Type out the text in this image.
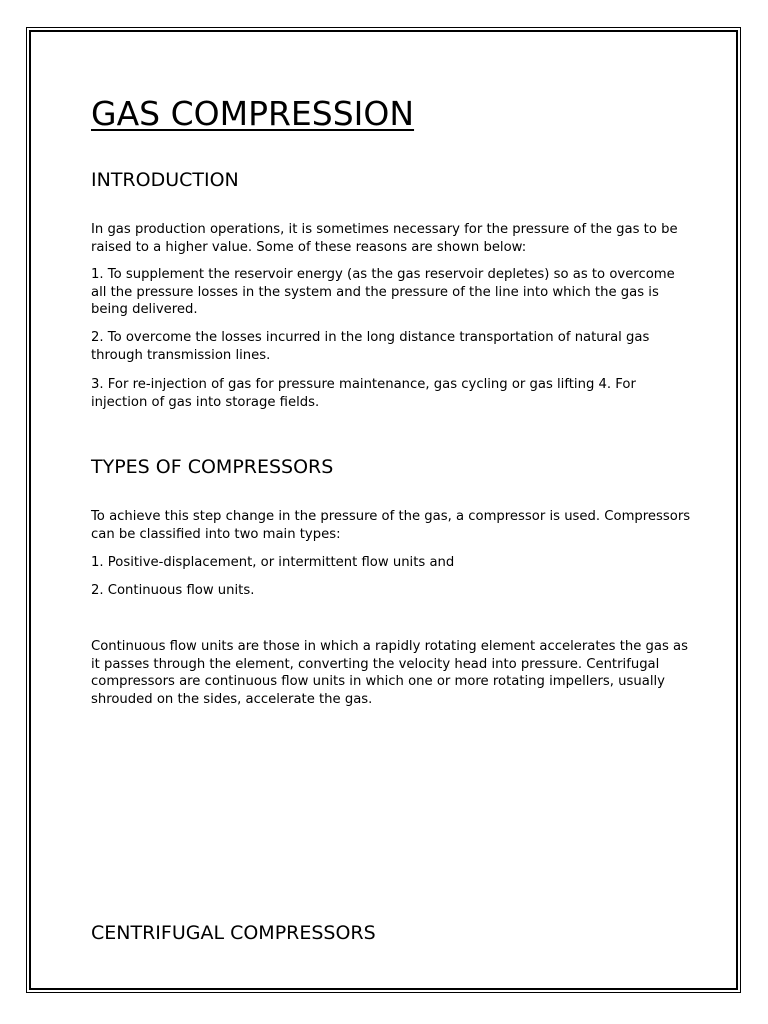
GAS COMPRESSION
INTRODUCTION

In gas production operations, it is sometimes necessary for the pressure of the gas to be raised to a higher value. Some of these reasons are shown below:

1. To supplement the reservoir energy (as the gas reservoir depletes) so as to overcome all the pressure losses in the system and the pressure of the line into which the gas is being delivered.

2. To overcome the losses incurred in the long distance transportation of natural gas through transmission lines.

3. For re-injection of gas for pressure maintenance, gas cycling or gas lifting 4. For injection of gas into storage fields.

TYPES OF COMPRESSORS

To achieve this step change in the pressure of the gas, a compressor is used. Compressors can be classified into two main types:

1. Positive-displacement, or intermittent flow units and

2. Continuous flow units.

Continuous flow units are those in which a rapidly rotating element accelerates the gas as it passes through the element, converting the velocity head into pressure. Centrifugal compressors are continuous flow units in which one or more rotating impellers, usually shrouded on the sides, accelerate the gas.

CENTRIFUGAL COMPRESSORS
